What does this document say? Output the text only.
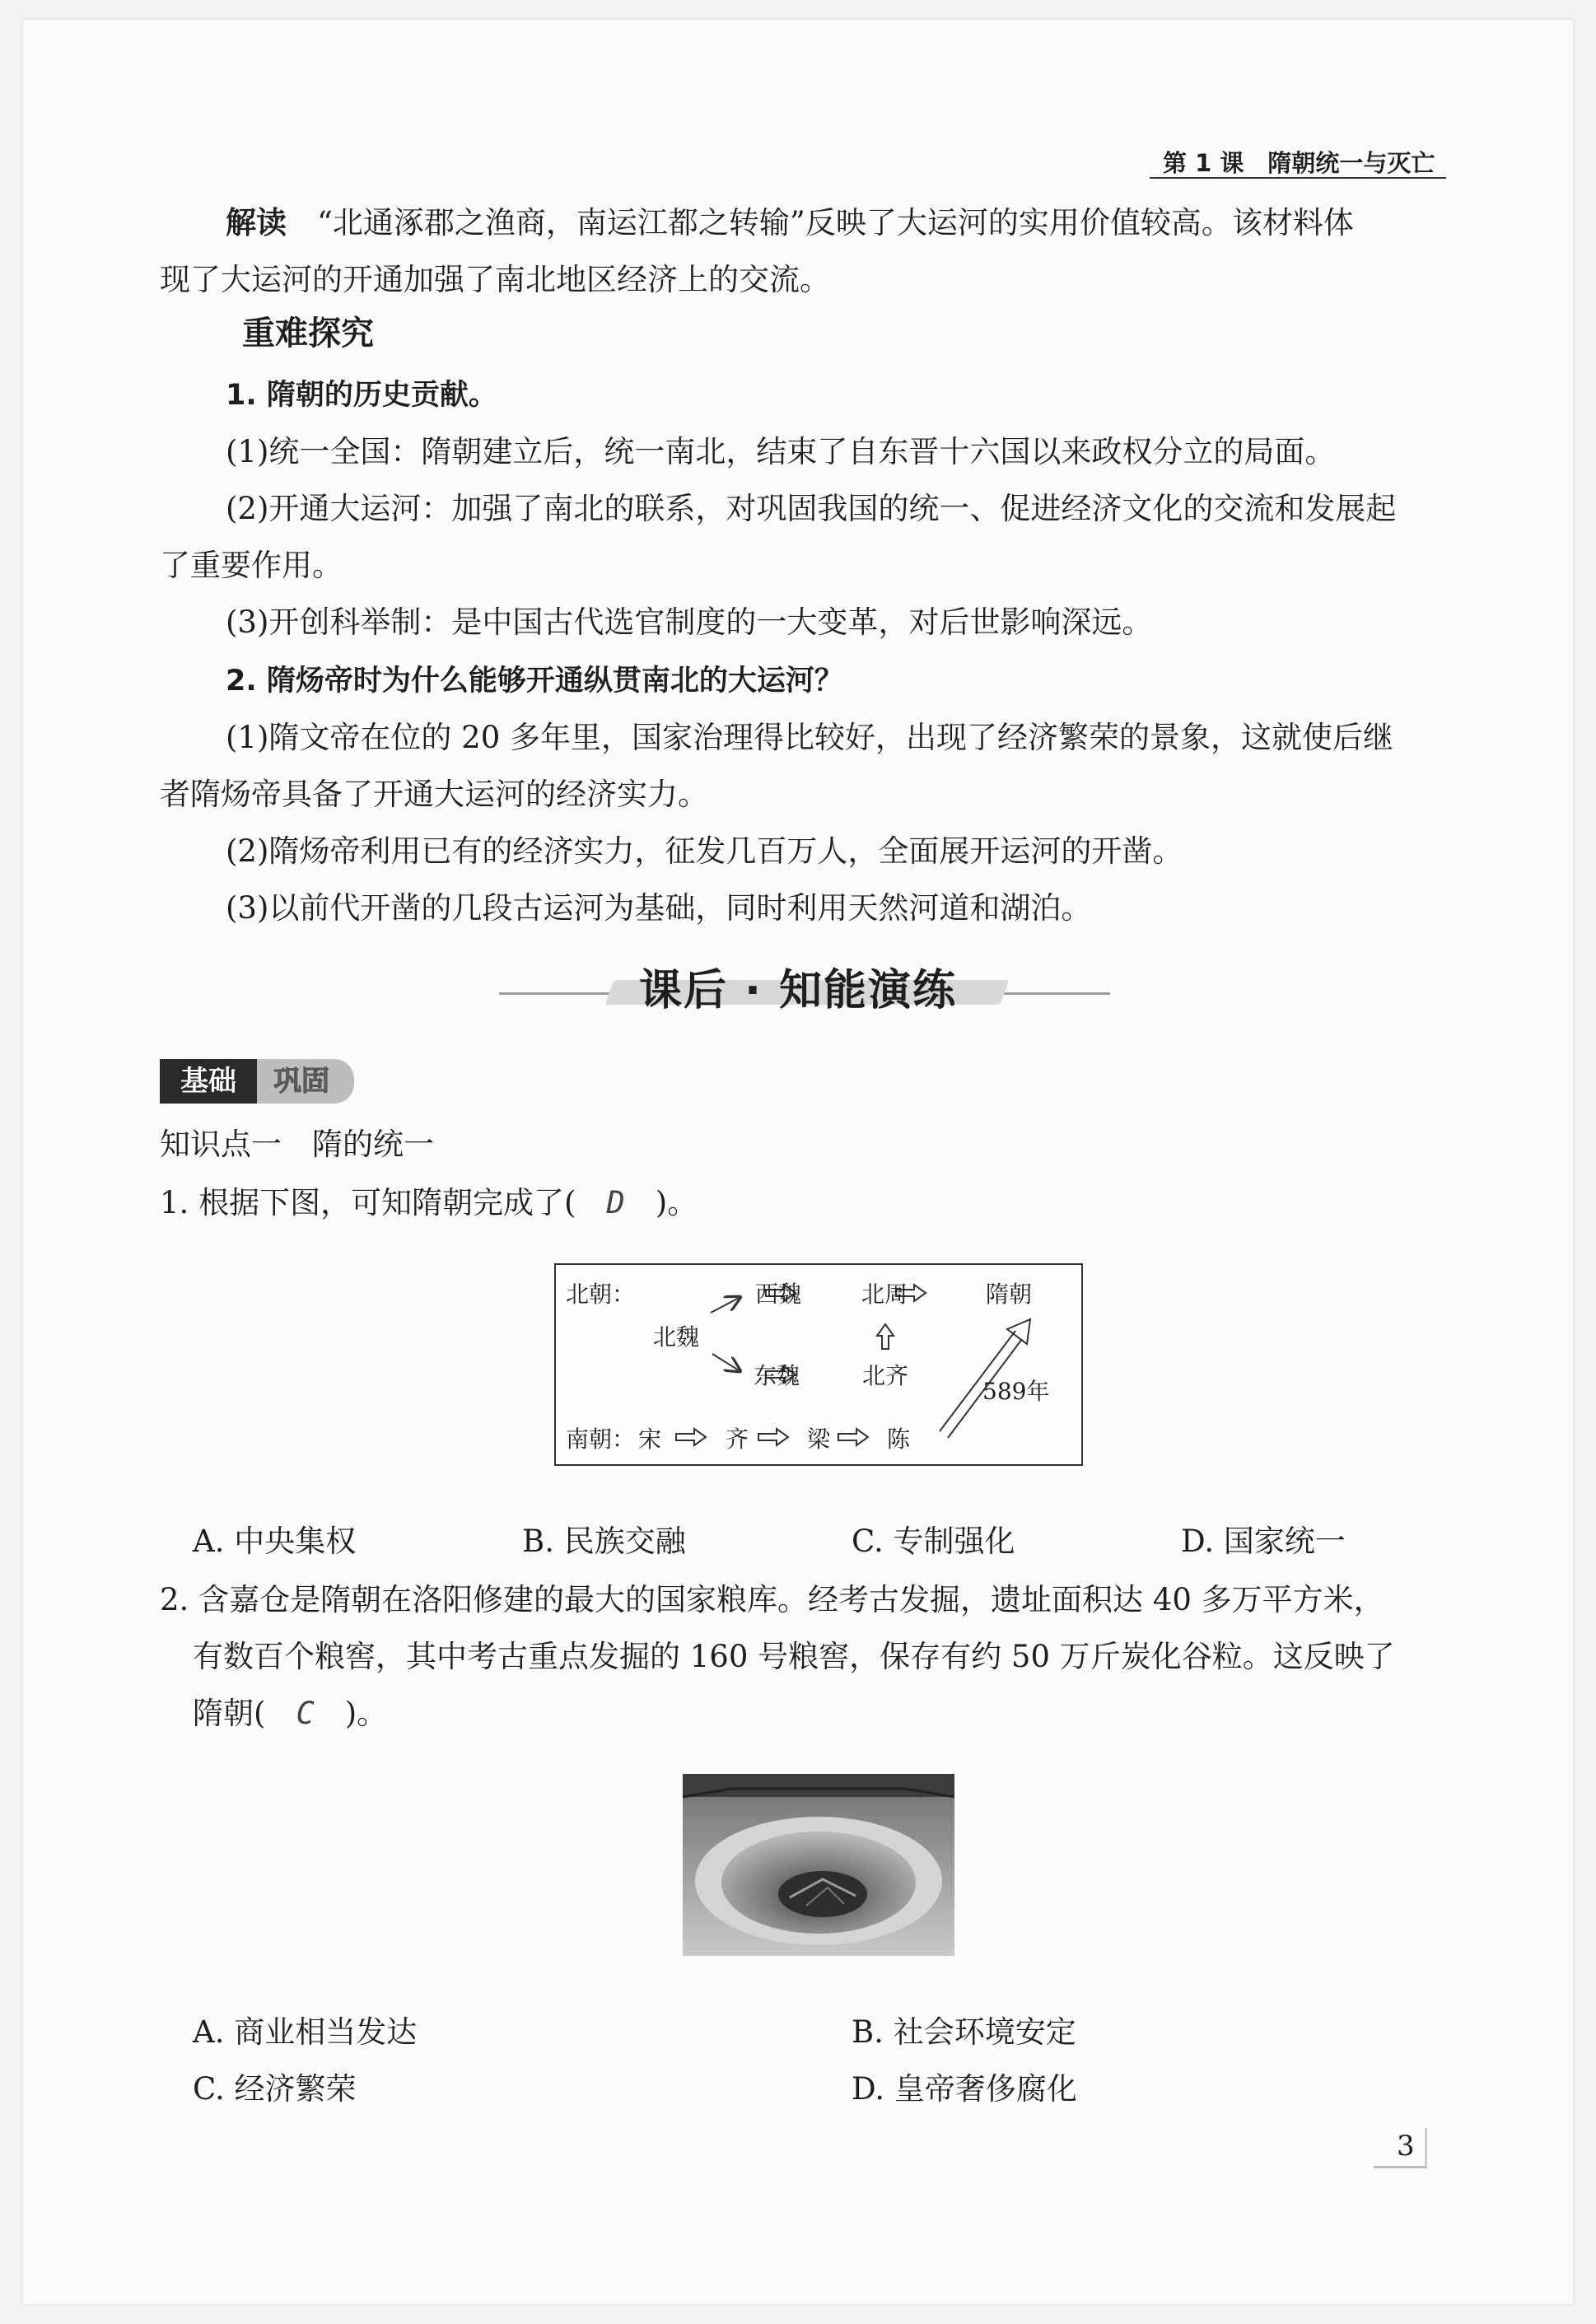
第 1 课　隋朝统一与灭亡
解读　 “北通涿郡之渔商，南运江都之转输”反映了大运河的实用价值较高。该材料体
现了大运河的开通加强了南北地区经济上的交流。
重难探究
1. 隋朝的历史贡献。
(1)统一全国：隋朝建立后，统一南北，结束了自东晋十六国以来政权分立的局面。
(2)开通大运河：加强了南北的联系，对巩固我国的统一、促进经济文化的交流和发展起
了重要作用。
(3)开创科举制：是中国古代选官制度的一大变革，对后世影响深远。
2. 隋炀帝时为什么能够开通纵贯南北的大运河？
(1)隋文帝在位的 20 多年里，国家治理得比较好，出现了经济繁荣的景象，这就使后继
者隋炀帝具备了开通大运河的经济实力。
(2)隋炀帝利用已有的经济实力，征发几百万人，全面展开运河的开凿。
(3)以前代开凿的几段古运河为基础，同时利用天然河道和湖泊。
课后 · 知能演练
巩固
基础
知识点一　隋的统一
1. 根据下图，可知隋朝完成了(　 D　 )。
北朝：
北魏
西魏	北周	隋朝
东魏	北齐
589年
南朝： 宋	齐	梁 陈
A. 中央集权	B. 民族交融	C. 专制强化	D. 国家统一
2. 含嘉仓是隋朝在洛阳修建的最大的国家粮库。经考古发掘，遗址面积达 40 多万平方米，
有数百个粮窖，其中考古重点发掘的 160 号粮窖，保存有约 50 万斤炭化谷粒。这反映了
隋朝(　 C　 )。
A. 商业相当发达	B. 社会环境安定
C. 经济繁荣	D. 皇帝奢侈腐化
3
